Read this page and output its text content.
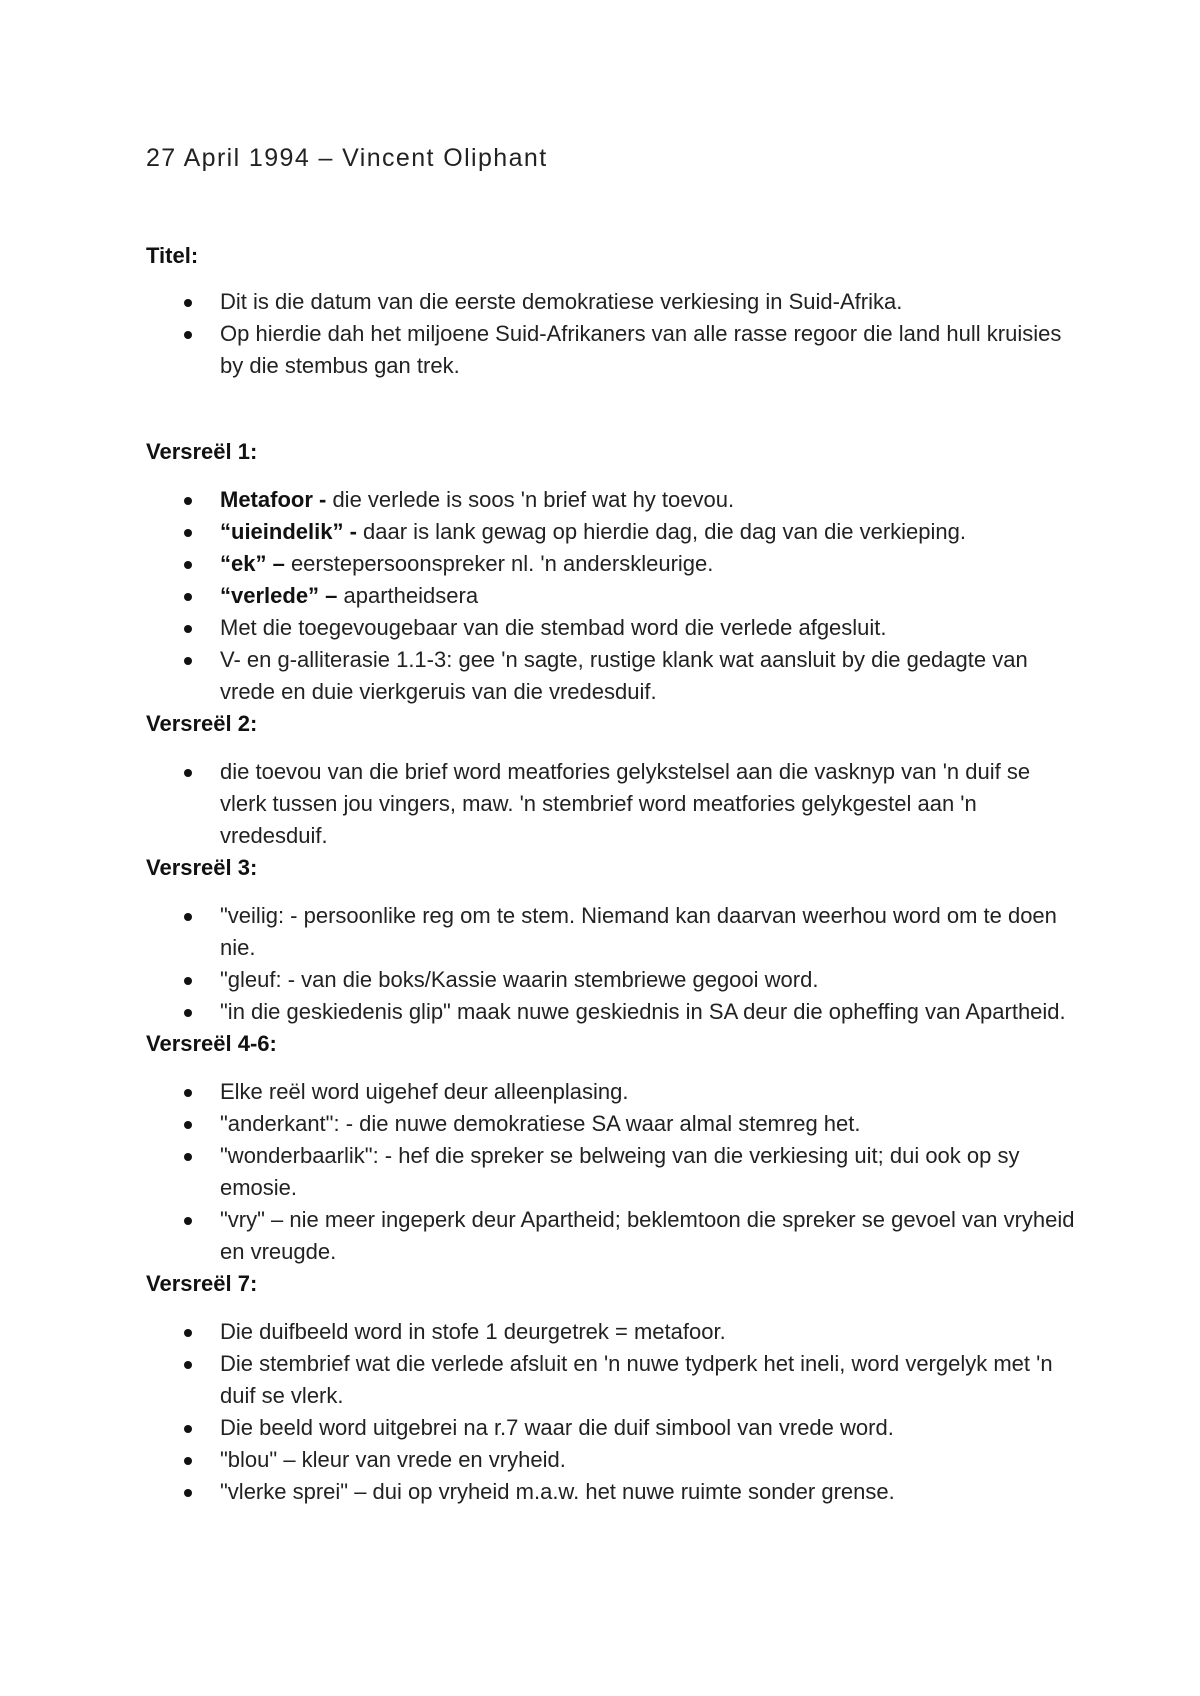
27 April 1994 – Vincent Oliphant

Titel:

Dit is die datum van die eerste demokratiese verkiesing in Suid-Afrika.
Op hierdie dah het miljoene Suid-Afrikaners van alle rasse regoor die land hull kruisies by die stembus gan trek.

Versreël 1:

Metafoor - die verlede is soos 'n brief wat hy toevou.
“uieindelik” - daar is lank gewag op hierdie dag, die dag van die verkieping.
“ek” – eerstepersoonspreker nl. 'n anderskleurige.
“verlede” – apartheidsera
Met die toegevougebaar van die stembad word die verlede afgesluit.
V- en g-alliterasie 1.1-3: gee 'n sagte, rustige klank wat aansluit by die gedagte van vrede en duie vierkgeruis van die vredesduif.

Versreël 2:

die toevou van die brief word meatfories gelykstelsel aan die vasknyp van 'n duif se vlerk tussen jou vingers, maw. 'n stembrief word meatfories gelykgestel aan 'n vredesduif.

Versreël 3:

"veilig: - persoonlike reg om te stem. Niemand kan daarvan weerhou word om te doen nie.
"gleuf: - van die boks/Kassie waarin stembriewe gegooi word.
"in die geskiedenis glip" maak nuwe geskiednis in SA deur die opheffing van Apartheid.

Versreël 4-6:

Elke reël word uigehef deur alleenplasing.
"anderkant": - die nuwe demokratiese SA waar almal stemreg het.
"wonderbaarlik": - hef die spreker se belweing van die verkiesing uit; dui ook op sy emosie.
"vry" – nie meer ingeperk deur Apartheid; beklemtoon die spreker se gevoel van vryheid en vreugde.

Versreël 7:

Die duifbeeld word in stofe 1 deurgetrek = metafoor.
Die stembrief wat die verlede afsluit en 'n nuwe tydperk het ineli, word vergelyk met 'n duif se vlerk.
Die beeld word uitgebrei na r.7 waar die duif simbool van vrede word.
"blou" – kleur van vrede en vryheid.
"vlerke sprei" – dui op vryheid m.a.w. het nuwe ruimte sonder grense.
